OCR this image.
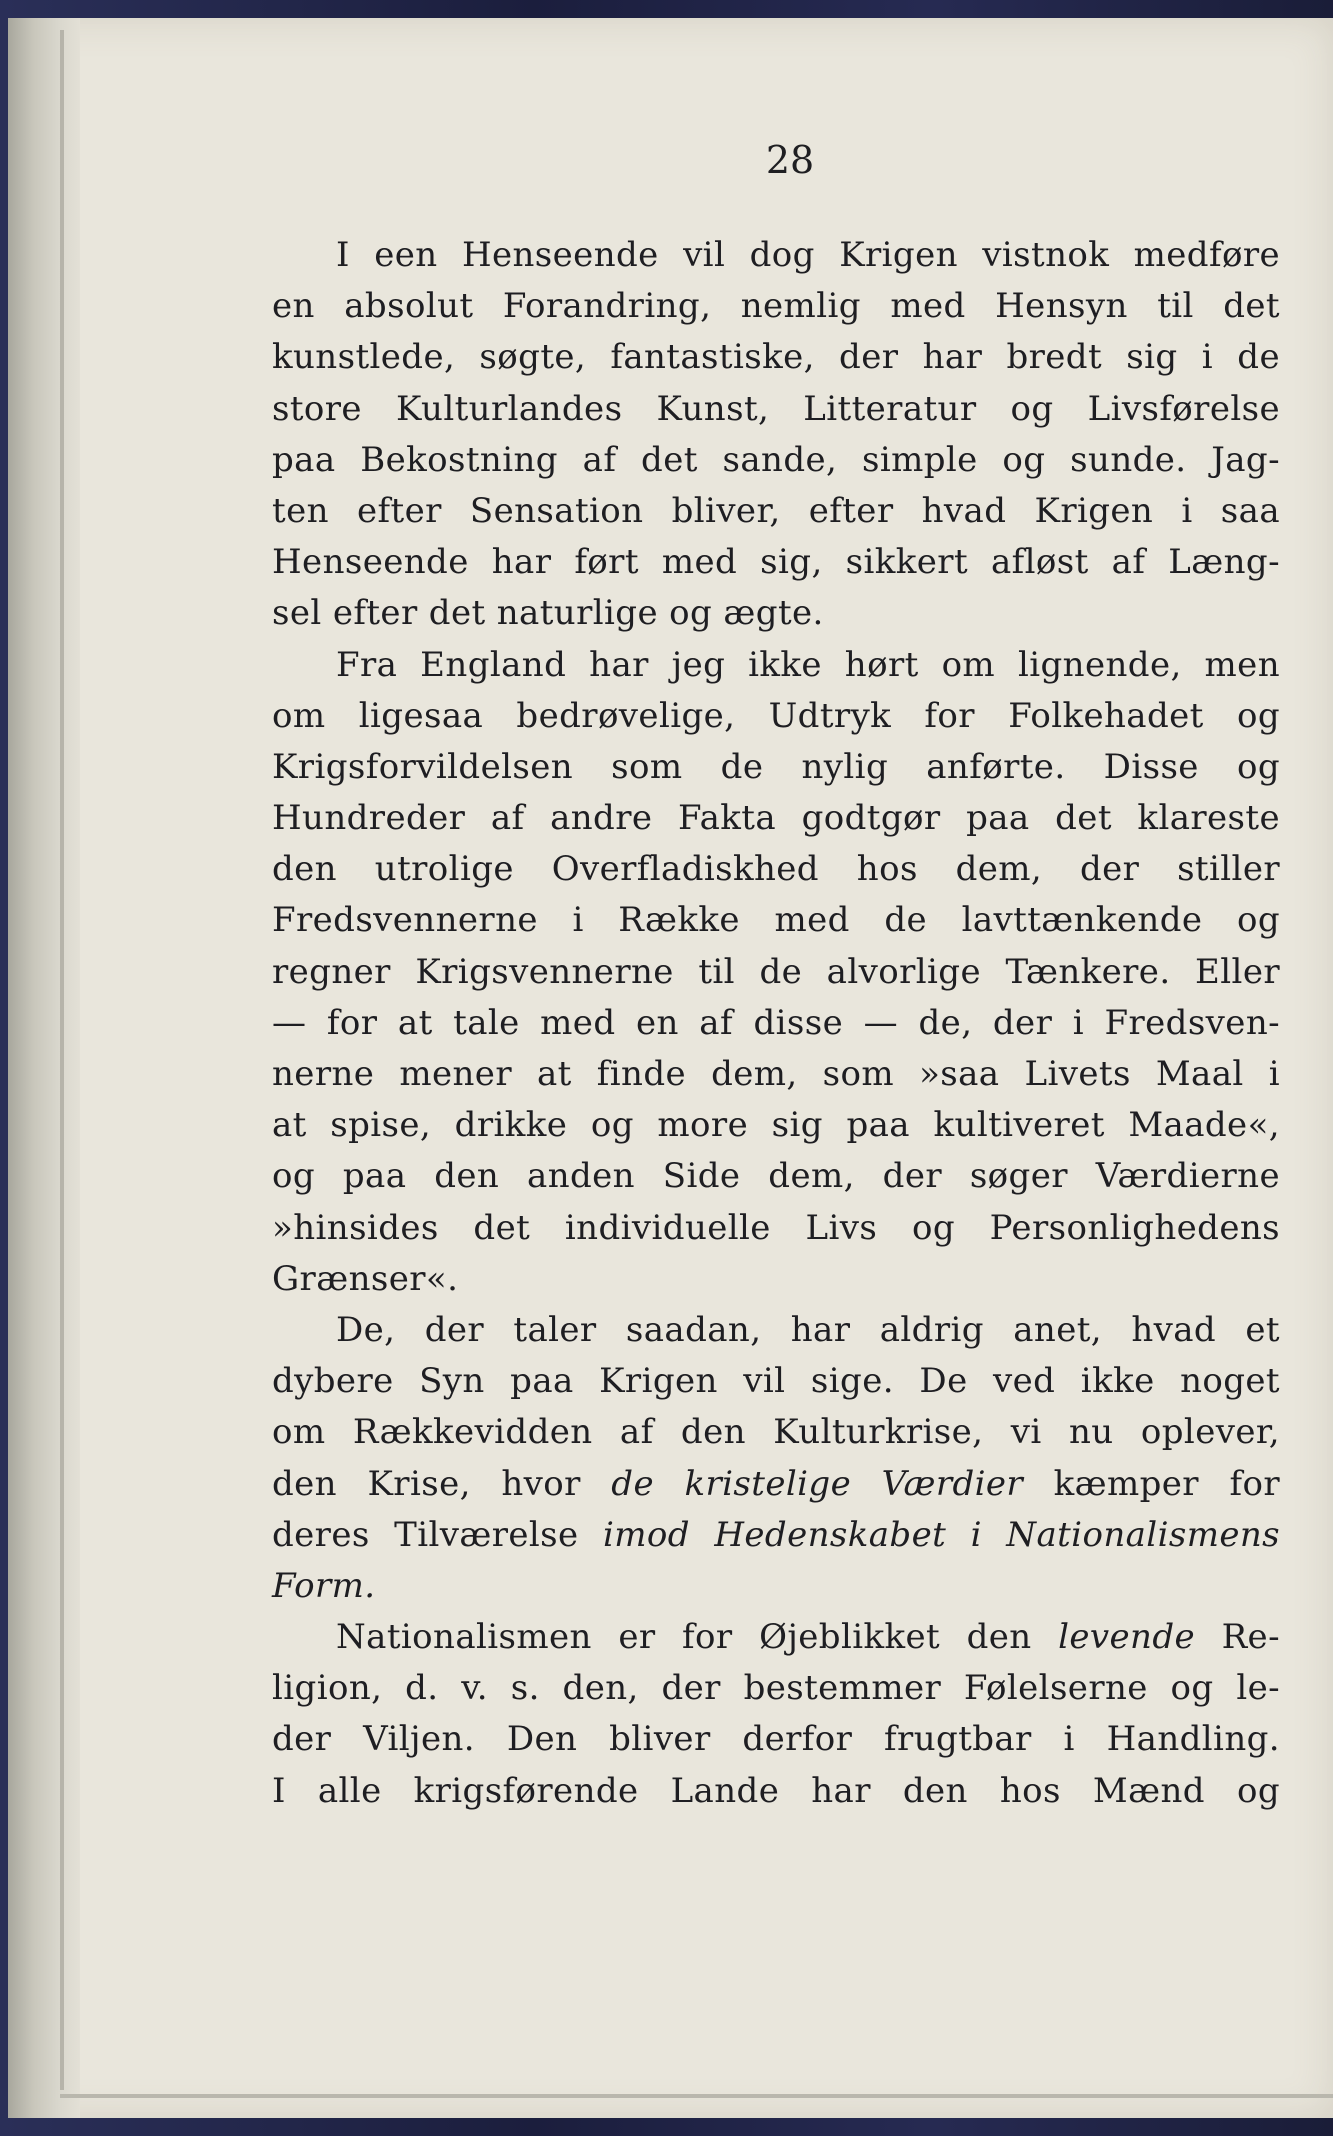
28

I een Henseende vil dog Krigen vistnok medføre
en absolut Forandring, nemlig med Hensyn til det
kunstlede, søgte, fantastiske, der har bredt sig i de
store Kulturlandes Kunst, Litteratur og Livsførelse
paa Bekostning af det sande, simple og sunde. Jag-
ten efter Sensation bliver, efter hvad Krigen i saa
Henseende har ført med sig, sikkert afløst af Læng-
sel efter det naturlige og ægte.
Fra England har jeg ikke hørt om lignende, men
om ligesaa bedrøvelige, Udtryk for Folkehadet og
Krigsforvildelsen som de nylig anførte. Disse og
Hundreder af andre Fakta godtgør paa det klareste
den utrolige Overfladiskhed hos dem, der stiller
Fredsvennerne i Række med de lavttænkende og
regner Krigsvennerne til de alvorlige Tænkere. Eller
— for at tale med en af disse — de, der i Fredsven-
nerne mener at finde dem, som »saa Livets Maal i
at spise, drikke og more sig paa kultiveret Maade«,
og paa den anden Side dem, der søger Værdierne
»hinsides det individuelle Livs og Personlighedens
Grænser«.
De, der taler saadan, har aldrig anet, hvad et
dybere Syn paa Krigen vil sige. De ved ikke noget
om Rækkevidden af den Kulturkrise, vi nu oplever,
den Krise, hvor de kristelige Værdier kæmper for
deres Tilværelse imod Hedenskabet i Nationalismens
Form.
Nationalismen er for Øjeblikket den levende Re-
ligion, d. v. s. den, der bestemmer Følelserne og le-
der Viljen. Den bliver derfor frugtbar i Handling.
I alle krigsførende Lande har den hos Mænd og
